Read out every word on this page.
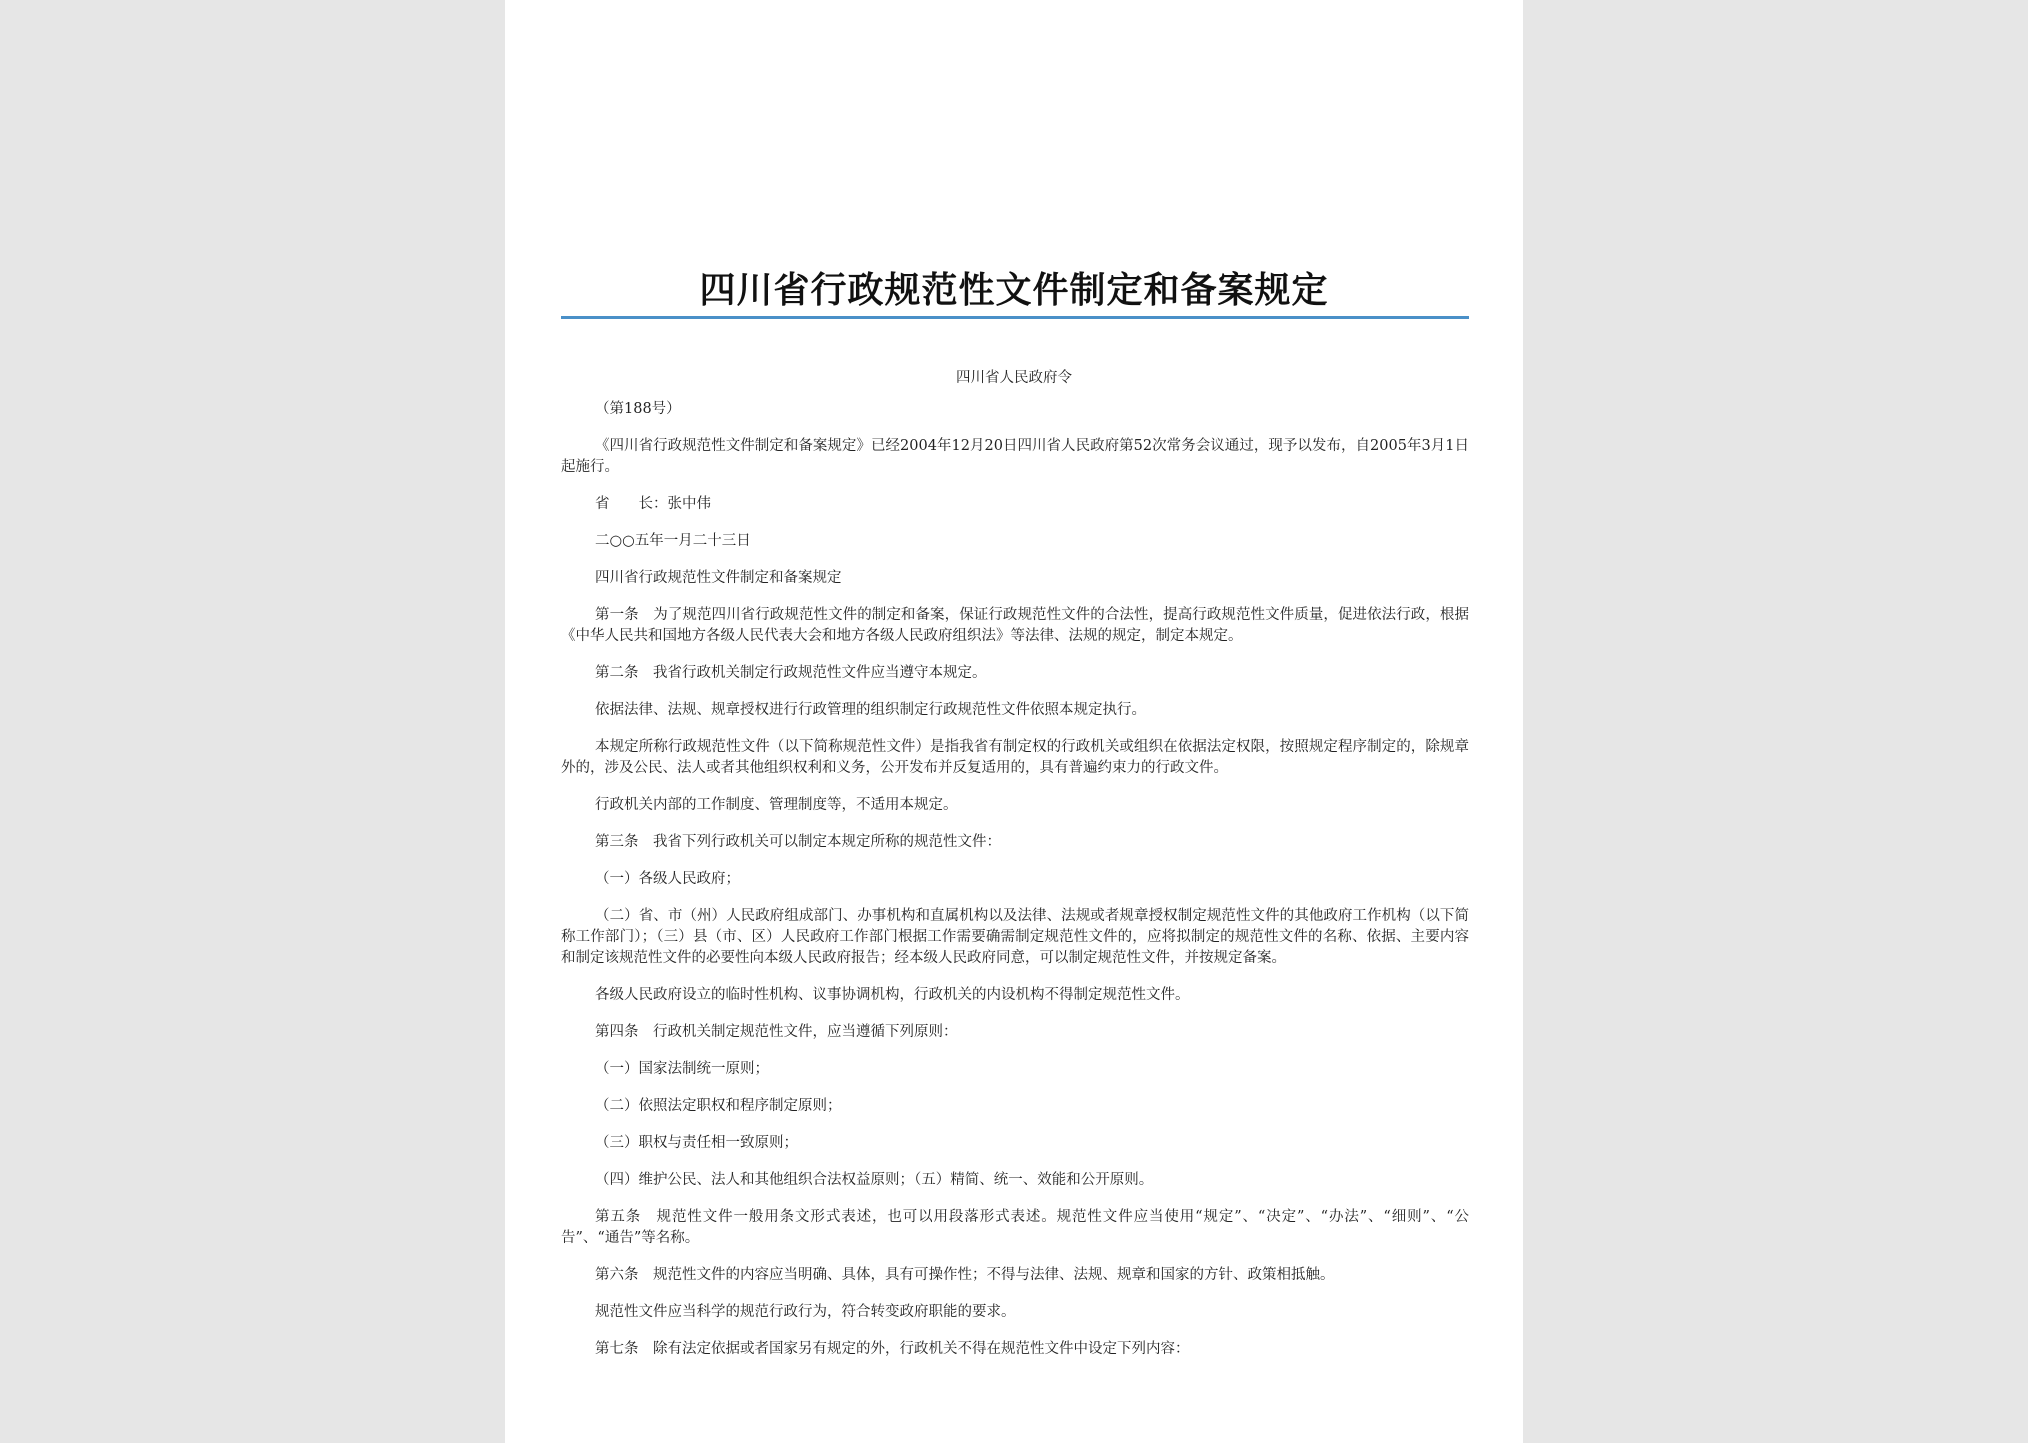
四川省行政规范性文件制定和备案规定
四川省人民政府令

（第188号）

《四川省行政规范性文件制定和备案规定》已经2004年12月20日四川省人民政府第52次常务会议通过，现予以发布，自2005年3月1日起施行。

省　　长：张中伟

二○○五年一月二十三日

四川省行政规范性文件制定和备案规定

第一条　为了规范四川省行政规范性文件的制定和备案，保证行政规范性文件的合法性，提高行政规范性文件质量，促进依法行政，根据《中华人民共和国地方各级人民代表大会和地方各级人民政府组织法》等法律、法规的规定，制定本规定。

第二条　我省行政机关制定行政规范性文件应当遵守本规定。

依据法律、法规、规章授权进行行政管理的组织制定行政规范性文件依照本规定执行。

本规定所称行政规范性文件（以下简称规范性文件）是指我省有制定权的行政机关或组织在依据法定权限，按照规定程序制定的，除规章外的，涉及公民、法人或者其他组织权利和义务，公开发布并反复适用的，具有普遍约束力的行政文件。

行政机关内部的工作制度、管理制度等，不适用本规定。

第三条　我省下列行政机关可以制定本规定所称的规范性文件：

（一）各级人民政府；

（二）省、市（州）人民政府组成部门、办事机构和直属机构以及法律、法规或者规章授权制定规范性文件的其他政府工作机构（以下简称工作部门）；（三）县（市、区）人民政府工作部门根据工作需要确需制定规范性文件的，应将拟制定的规范性文件的名称、依据、主要内容和制定该规范性文件的必要性向本级人民政府报告；经本级人民政府同意，可以制定规范性文件，并按规定备案。

各级人民政府设立的临时性机构、议事协调机构，行政机关的内设机构不得制定规范性文件。

第四条　行政机关制定规范性文件，应当遵循下列原则：

（一）国家法制统一原则；

（二）依照法定职权和程序制定原则；

（三）职权与责任相一致原则；

（四）维护公民、法人和其他组织合法权益原则；（五）精简、统一、效能和公开原则。

第五条　规范性文件一般用条文形式表述，也可以用段落形式表述。规范性文件应当使用“规定”、“决定”、“办法”、“细则”、“公告”、“通告”等名称。

第六条　规范性文件的内容应当明确、具体，具有可操作性；不得与法律、法规、规章和国家的方针、政策相抵触。

规范性文件应当科学的规范行政行为，符合转变政府职能的要求。

第七条　除有法定依据或者国家另有规定的外，行政机关不得在规范性文件中设定下列内容：
